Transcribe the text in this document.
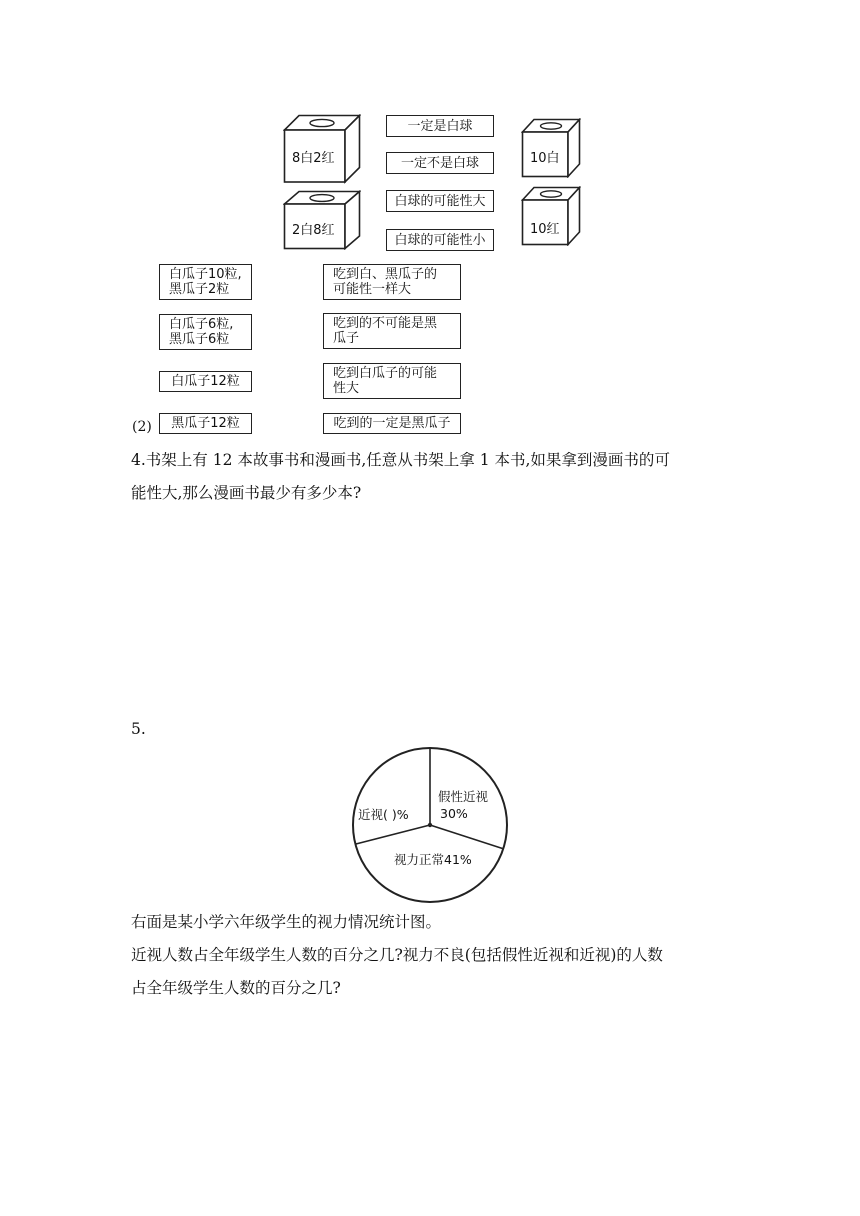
8白2红	10白
2白8红	10红
一定是白球
一定不是白球
白球的可能性大
白球的可能性小
白瓜子10粒,
黑瓜子2粒
白瓜子6粒,
黑瓜子6粒
白瓜子12粒
(2)	黑瓜子12粒
吃到白、黑瓜子的
可能性一样大
吃到的不可能是黑
瓜子
吃到白瓜子的可能
性大
吃到的一定是黑瓜子
4.书架上有 12 本故事书和漫画书,任意从书架上拿 1 本书,如果拿到漫画书的可
能性大,那么漫画书最少有多少本?
5.
近视( )%
假性近视
30%
视力正常41%
右面是某小学六年级学生的视力情况统计图。
近视人数占全年级学生人数的百分之几?视力不良(包括假性近视和近视)的人数
占全年级学生人数的百分之几?
